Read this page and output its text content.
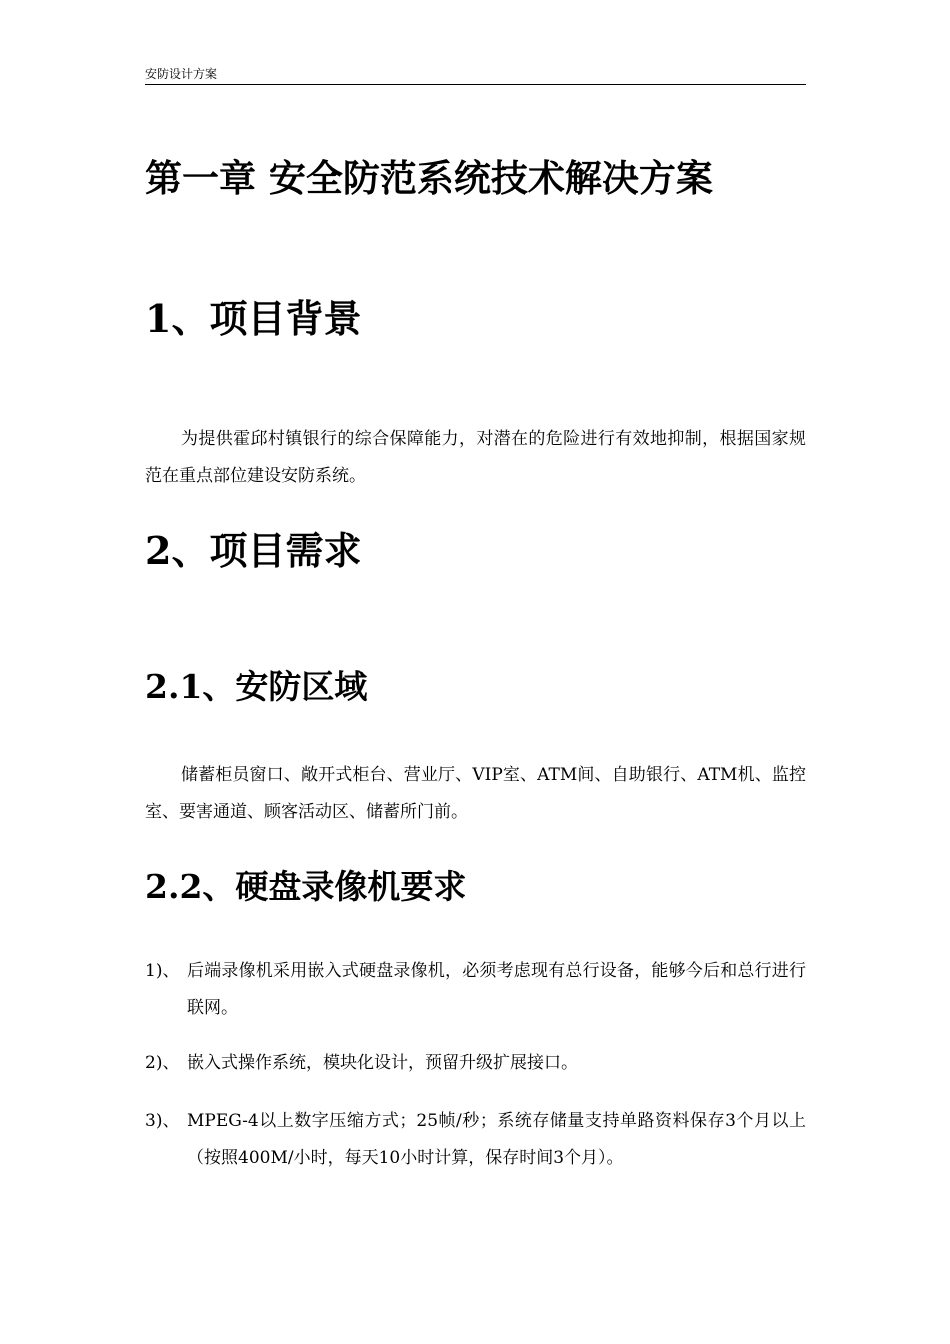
安防设计方案
第一章 安全防范系统技术解决方案
1、项目背景

为提供霍邱村镇银行的综合保障能力，对潜在的危险进行有效地抑制，根据国家规范在重点部位建设安防系统。

2、项目需求
2.1、安防区域

储蓄柜员窗口、敞开式柜台、营业厅、VIP室、ATM间、自助银行、ATM机、监控室、要害通道、顾客活动区、储蓄所门前。

2.2、硬盘录像机要求
1)、 后端录像机采用嵌入式硬盘录像机，必须考虑现有总行设备，能够今后和总行进行联网。
2)、 嵌入式操作系统，模块化设计，预留升级扩展接口。
3)、 MPEG-4以上数字压缩方式；25帧/秒；系统存储量支持单路资料保存3个月以上（按照400M/小时，每天10小时计算，保存时间3个月）。
